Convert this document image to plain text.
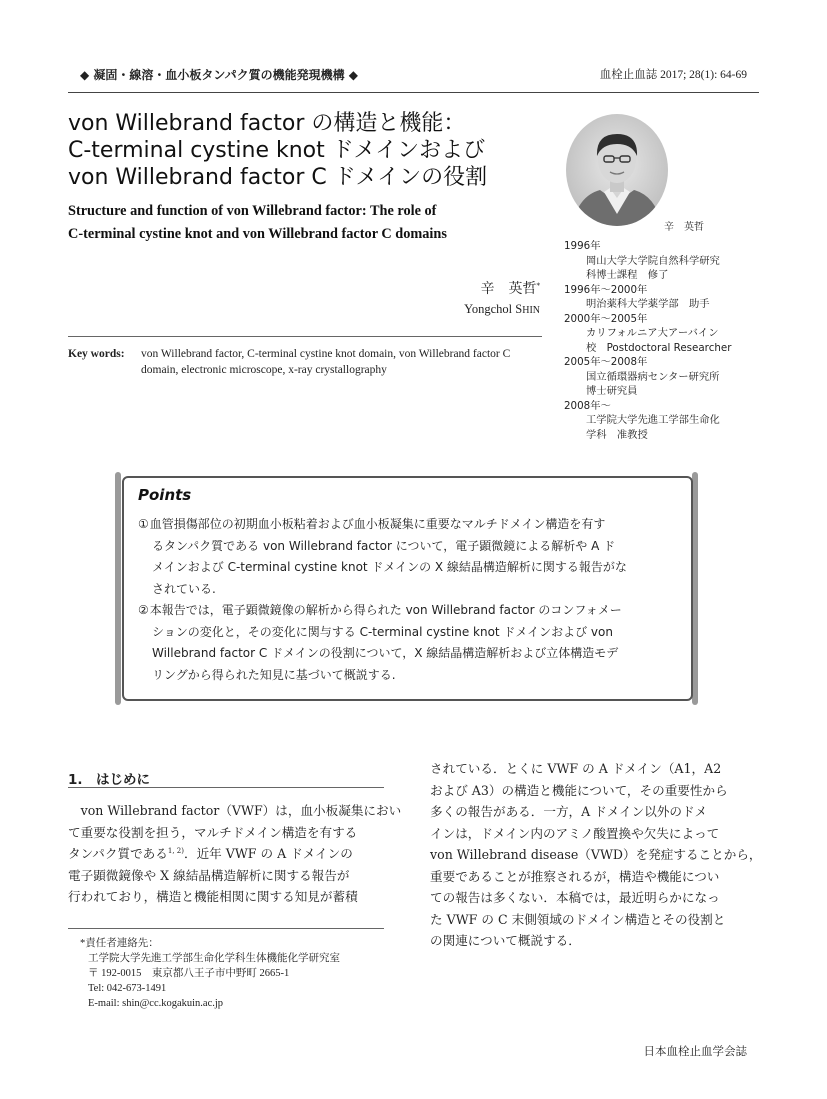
◆ 凝固・線溶・血小板タンパク質の機能発現機構 ◆	血栓止血誌 2017; 28(1): 64-69
von Willebrand factor の構造と機能：
C-terminal cystine knot ドメインおよび
von Willebrand factor C ドメインの役割
Structure and function of von Willebrand factor: The role of
C-terminal cystine knot and von Willebrand factor C domains	辛　英哲
辛　英哲*
Yongchol SHIN
Key words: von Willebrand factor, C-terminal cystine knot domain, von Willebrand factor C domain, electronic microscope, x-ray crystallography

1996年

岡山大学大学院自然科学研究

科博士課程　修了

1996年〜2000年

明治薬科大学薬学部　助手

2000年〜2005年

カリフォルニア大アーバイン

校　Postdoctoral Researcher

2005年〜2008年

国立循環器病センター研究所

博士研究員

2008年〜

工学院大学先進工学部生命化

学科　准教授

Points

①血管損傷部位の初期血小板粘着および血小板凝集に重要なマルチドメイン構造を有す
るタンパク質である von Willebrand factor について，電子顕微鏡による解析や A ド
メインおよび C-terminal cystine knot ドメインの X 線結晶構造解析に関する報告がな
されている.

②本報告では，電子顕微鏡像の解析から得られた von Willebrand factor のコンフォメー
ションの変化と，その変化に関与する C-terminal cystine knot ドメインおよび von
Willebrand factor C ドメインの役割について，X 線結晶構造解析および立体構造モデ
リングから得られた知見に基づいて概説する.

1.　はじめに

　von Willebrand factor（VWF）は，血小板凝集におい
て重要な役割を担う，マルチドメイン構造を有する
タンパク質である$^{1, 2)}$．近年 VWF の A ドメインの
電子顕微鏡像や X 線結晶構造解析に関する報告が
行われており，構造と機能相関に関する知見が蓄積

されている．とくに VWF の A ドメイン（A1，A2
および A3）の構造と機能について，その重要性から
多くの報告がある．一方，A ドメイン以外のドメ
インは，ドメイン内のアミノ酸置換や欠失によって
von Willebrand disease（VWD）を発症することから，
重要であることが推察されるが，構造や機能につい
ての報告は多くない．本稿では，最近明らかになっ
た VWF の C 末側領域のドメイン構造とその役割と
の関連について概説する．

*責任者連絡先：
工学院大学先進工学部生命化学科生体機能化学研究室
〒 192-0015　東京都八王子市中野町 2665-1
Tel: 042-673-1491
E-mail: shin@cc.kogakuin.ac.jp
日本血栓止血学会誌
